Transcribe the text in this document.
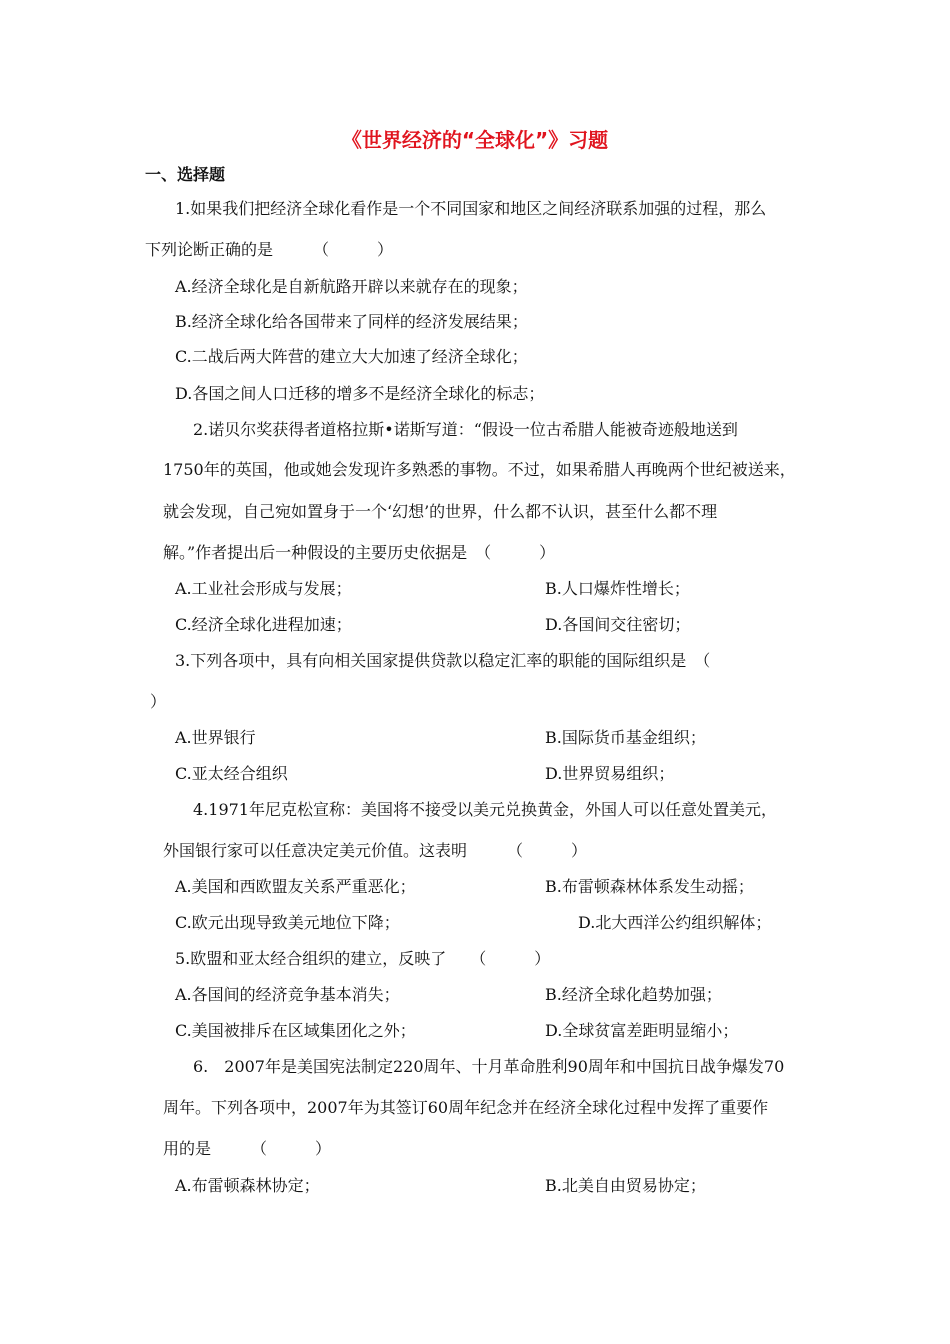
《世界经济的“全球化”》习题
一、选择题
1.如果我们把经济全球化看作是一个不同国家和地区之间经济联系加强的过程，那么
下列论断正确的是　　　（　　　）
A.经济全球化是自新航路开辟以来就存在的现象；
B.经济全球化给各国带来了同样的经济发展结果；
C.二战后两大阵营的建立大大加速了经济全球化；
D.各国之间人口迁移的增多不是经济全球化的标志；
2.诺贝尔奖获得者道格拉斯•诺斯写道：“假设一位古希腊人能被奇迹般地送到
1750年的英国，他或她会发现许多熟悉的事物。不过，如果希腊人再晚两个世纪被送来，
就会发现，自己宛如置身于一个‘幻想’的世界，什么都不认识，甚至什么都不理
解。”作者提出后一种假设的主要历史依据是　（　　　）
A.工业社会形成与发展；	B.人口爆炸性增长；
C.经济全球化进程加速；	D.各国间交往密切；
3.下列各项中，具有向相关国家提供贷款以稳定汇率的职能的国际组织是　（
）
A.世界银行	B.国际货币基金组织；
C.亚太经合组织	D.世界贸易组织；
4.1971年尼克松宣称：美国将不接受以美元兑换黄金，外国人可以任意处置美元，
外国银行家可以任意决定美元价值。这表明　　　（　　　）
A.美国和西欧盟友关系严重恶化；	B.布雷顿森林体系发生动摇；
C.欧元出现导致美元地位下降；	D.北大西洋公约组织解体；
5.欧盟和亚太经合组织的建立，反映了　　（　　　）
A.各国间的经济竞争基本消失；	B.经济全球化趋势加强；
C.美国被排斥在区域集团化之外；	D.全球贫富差距明显缩小；
6.　2007年是美国宪法制定220周年、十月革命胜利90周年和中国抗日战争爆发70
周年。下列各项中，2007年为其签订60周年纪念并在经济全球化过程中发挥了重要作
用的是　　　（　　　）
A.布雷顿森林协定；	B.北美自由贸易协定；
